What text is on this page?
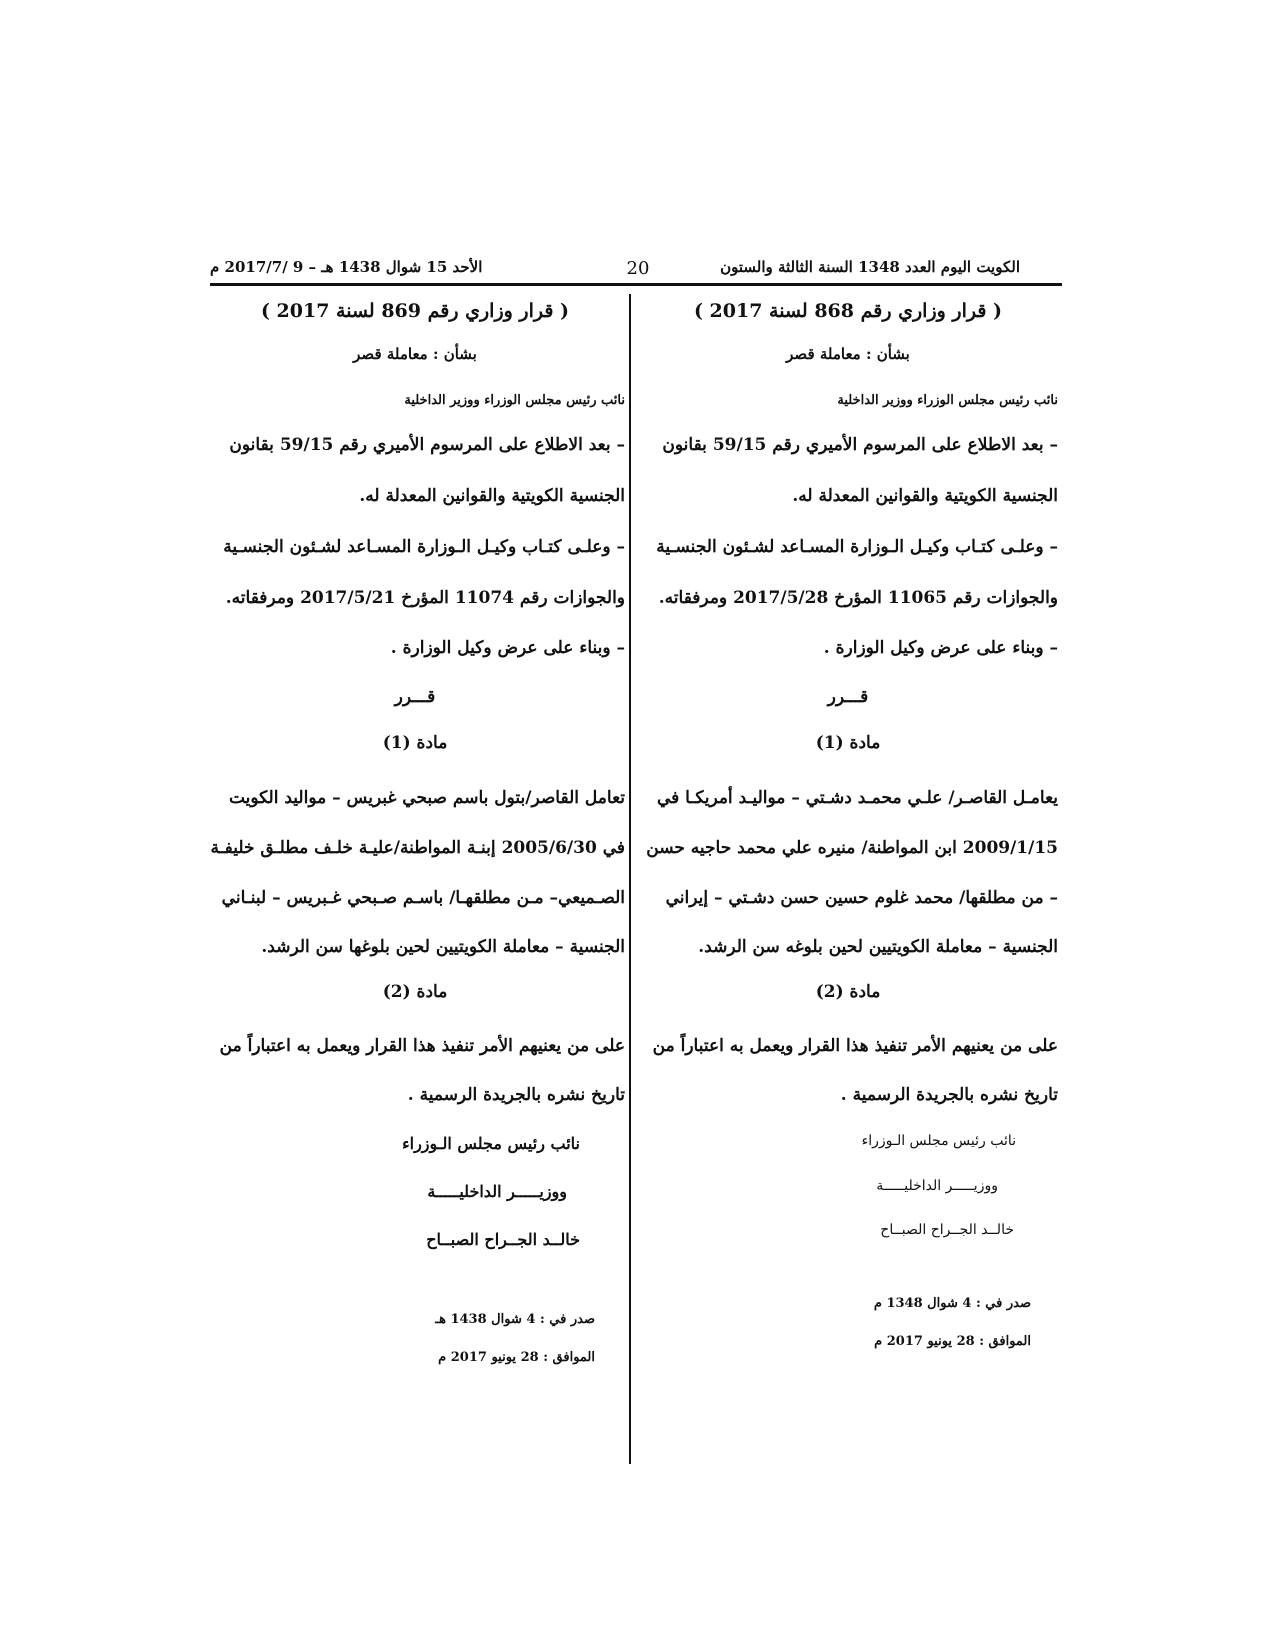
الكويت اليوم العدد 1348 السنة الثالثة والستون
20
الأحد 15 شوال 1438 هـ – 9 /2017/7 م
( قرار وزاري رقم 868 لسنة 2017 )
بشأن : معاملة قصر
نائب رئيس مجلس الوزراء ووزير الداخلية
– بعد الاطلاع على المرسوم الأميري رقم 59/15 بقانون
الجنسية الكويتية والقوانين المعدلة له.
– وعلـى كتـاب وكيـل الـوزارة المسـاعد لشـئون الجنسـية
والجوازات رقم 11065 المؤرخ 2017/5/28 ومرفقاته.
– وبناء على عرض وكيل الوزارة .
قـــرر
مادة (1)
يعامـل القاصـر/ علـي محمـد دشـتي – مواليـد أمريكـا في
2009/1/15 ابن المواطنة/ منيره علي محمد حاجيه حسن
– من مطلقها/ محمد غلوم حسين حسن دشـتي – إيراني
الجنسية – معاملة الكويتيين لحين بلوغه سن الرشد.
مادة (2)
على من يعنيهم الأمر تنفيذ هذا القرار ويعمل به اعتباراً من
تاريخ نشره بالجريدة الرسمية .
نائب رئيس مجلس الـوزراء
ووزيـــــر الداخليـــــة
خالــد الجــراح الصبــاح
صدر في : 4 شوال 1348 م
الموافق : 28 يونيو 2017 م
( قرار وزاري رقم 869 لسنة 2017 )
بشأن : معاملة قصر
نائب رئيس مجلس الوزراء ووزير الداخلية
– بعد الاطلاع على المرسوم الأميري رقم 59/15 بقانون
الجنسية الكويتية والقوانين المعدلة له.
– وعلـى كتـاب وكيـل الـوزارة المسـاعد لشـئون الجنسـية
والجوازات رقم 11074 المؤرخ 2017/5/21 ومرفقاته.
– وبناء على عرض وكيل الوزارة .
قـــرر
مادة (1)
تعامل القاصر/بتول باسم صبحي غبريس – مواليد الكويت
في 2005/6/30 إبنـة المواطنة/عليـة خلـف مطلـق خليفـة
الصـميعي– مـن مطلقهـا/ باسـم صـبحي غـبريس – لبنـاني
الجنسية – معاملة الكويتيين لحين بلوغها سن الرشد.
مادة (2)
على من يعنيهم الأمر تنفيذ هذا القرار ويعمل به اعتباراً من
تاريخ نشره بالجريدة الرسمية .
نائب رئيس مجلس الـوزراء
ووزيـــــر الداخليـــــة
خالــد الجــراح الصبــاح
صدر في : 4 شوال 1438 هـ
الموافق : 28 يونيو 2017 م
